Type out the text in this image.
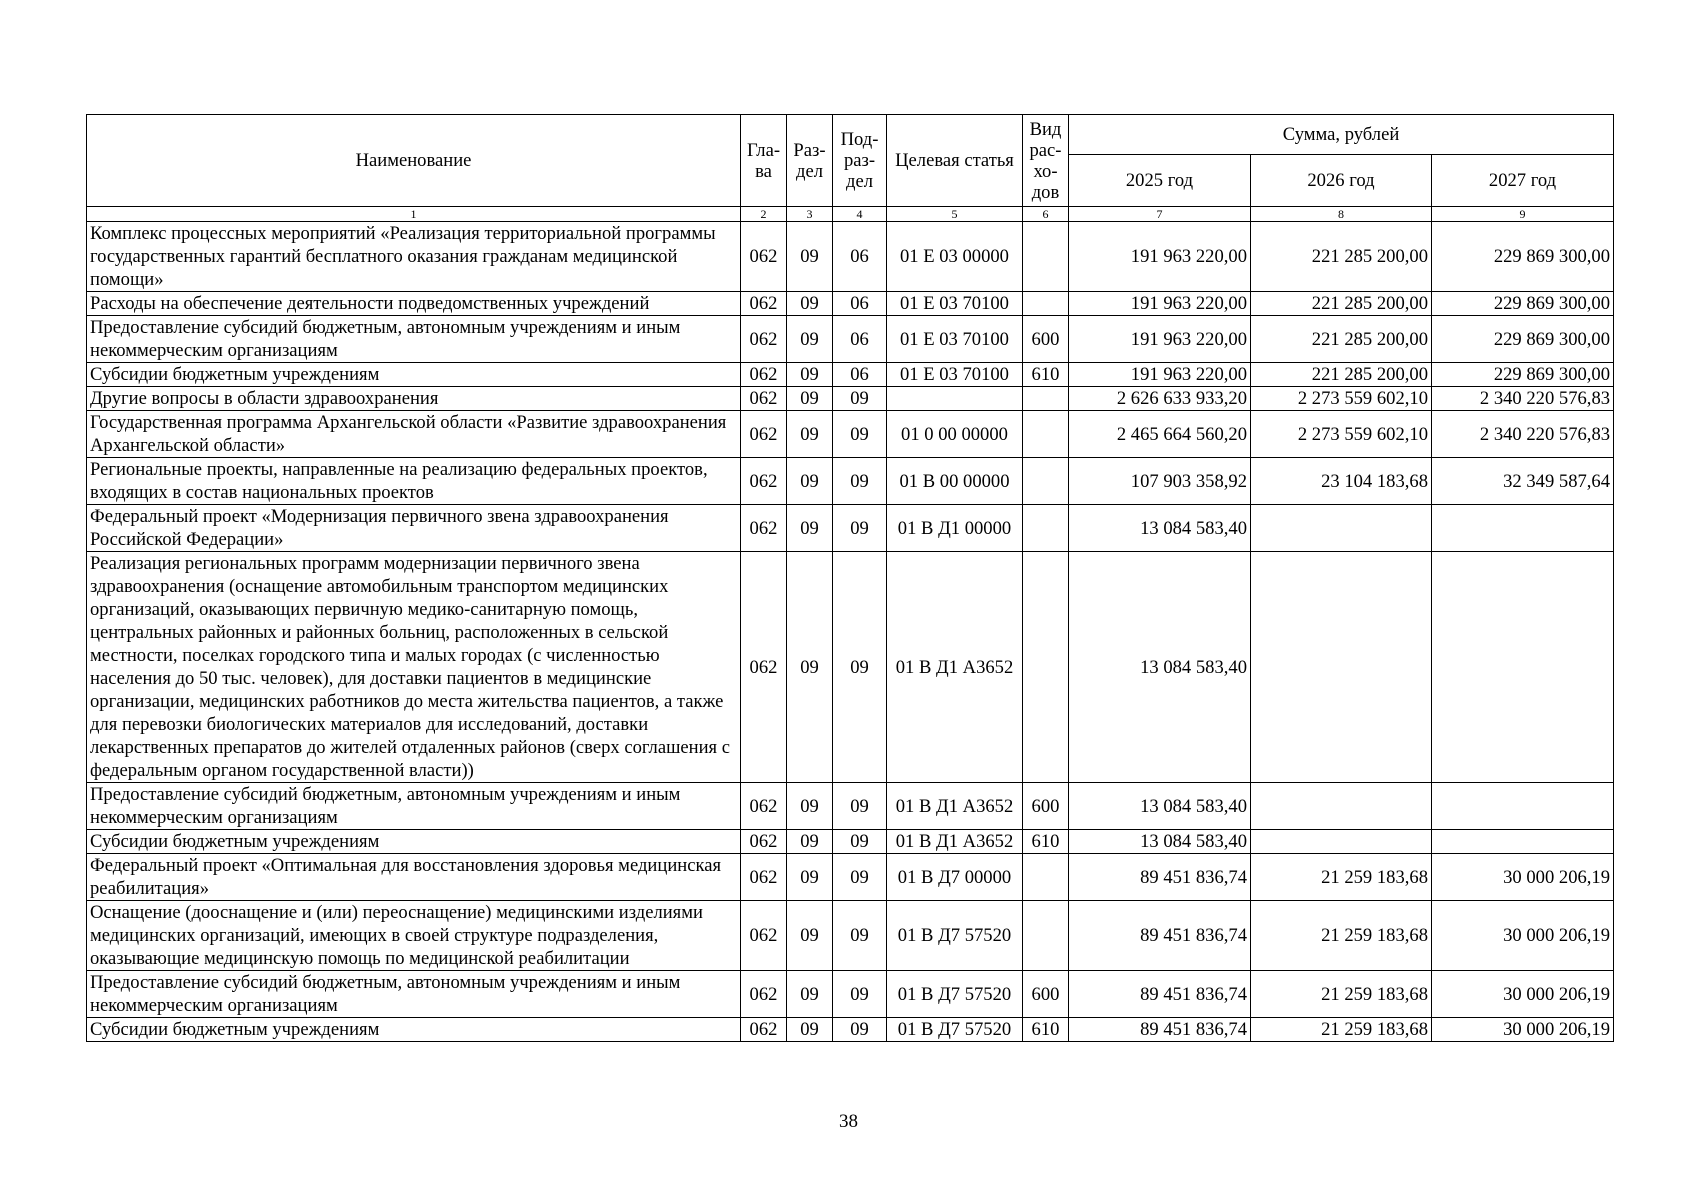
Наименование	Гла-ва	Раз-дел	Под-раз-дел	Целевая статья	Вид рас-хо-дов	Сумма, рублей		
						2025 год	2026 год	2027 год
1	2	3	4	5	6	7	8	9
Комплекс процессных мероприятий «Реализация территориальной программы государственных гарантий бесплатного оказания гражданам медицинской помощи»	062	09	06	01 Е 03 00000		191 963 220,00	221 285 200,00	229 869 300,00
Расходы на обеспечение деятельности подведомственных учреждений	062	09	06	01 Е 03 70100		191 963 220,00	221 285 200,00	229 869 300,00
Предоставление субсидий бюджетным, автономным учреждениям и иным некоммерческим организациям	062	09	06	01 Е 03 70100	600	191 963 220,00	221 285 200,00	229 869 300,00
Субсидии бюджетным учреждениям	062	09	06	01 Е 03 70100	610	191 963 220,00	221 285 200,00	229 869 300,00
Другие вопросы в области здравоохранения	062	09	09			2 626 633 933,20	2 273 559 602,10	2 340 220 576,83
Государственная программа Архангельской области «Развитие здравоохранения Архангельской области»	062	09	09	01 0 00 00000		2 465 664 560,20	2 273 559 602,10	2 340 220 576,83
Региональные проекты, направленные на реализацию федеральных проектов, входящих в состав национальных проектов	062	09	09	01 В 00 00000		107 903 358,92	23 104 183,68	32 349 587,64
Федеральный проект «Модернизация первичного звена здравоохранения Российской Федерации»	062	09	09	01 В Д1 00000		13 084 583,40		
Реализация региональных программ модернизации первичного звена здравоохранения (оснащение автомобильным транспортом медицинских организаций, оказывающих первичную медико-санитарную помощь, центральных районных и районных больниц, расположенных в сельской местности, поселках городского типа и малых городах (с численностью населения до 50 тыс. человек), для доставки пациентов в медицинские организации, медицинских работников до места жительства пациентов, а также для перевозки биологических материалов для исследований, доставки лекарственных препаратов до жителей отдаленных районов (сверх соглашения с федеральным органом государственной власти))	062	09	09	01 В Д1 А3652		13 084 583,40		
Предоставление субсидий бюджетным, автономным учреждениям и иным некоммерческим организациям	062	09	09	01 В Д1 А3652	600	13 084 583,40		
Субсидии бюджетным учреждениям	062	09	09	01 В Д1 А3652	610	13 084 583,40		
Федеральный проект «Оптимальная для восстановления здоровья медицинская реабилитация»	062	09	09	01 В Д7 00000		89 451 836,74	21 259 183,68	30 000 206,19
Оснащение (дооснащение и (или) переоснащение) медицинскими изделиями медицинских организаций, имеющих в своей структуре подразделения, оказывающие медицинскую помощь по медицинской реабилитации	062	09	09	01 В Д7 57520		89 451 836,74	21 259 183,68	30 000 206,19
Предоставление субсидий бюджетным, автономным учреждениям и иным некоммерческим организациям	062	09	09	01 В Д7 57520	600	89 451 836,74	21 259 183,68	30 000 206,19
Субсидии бюджетным учреждениям	062	09	09	01 В Д7 57520	610	89 451 836,74	21 259 183,68	30 000 206,19
38
